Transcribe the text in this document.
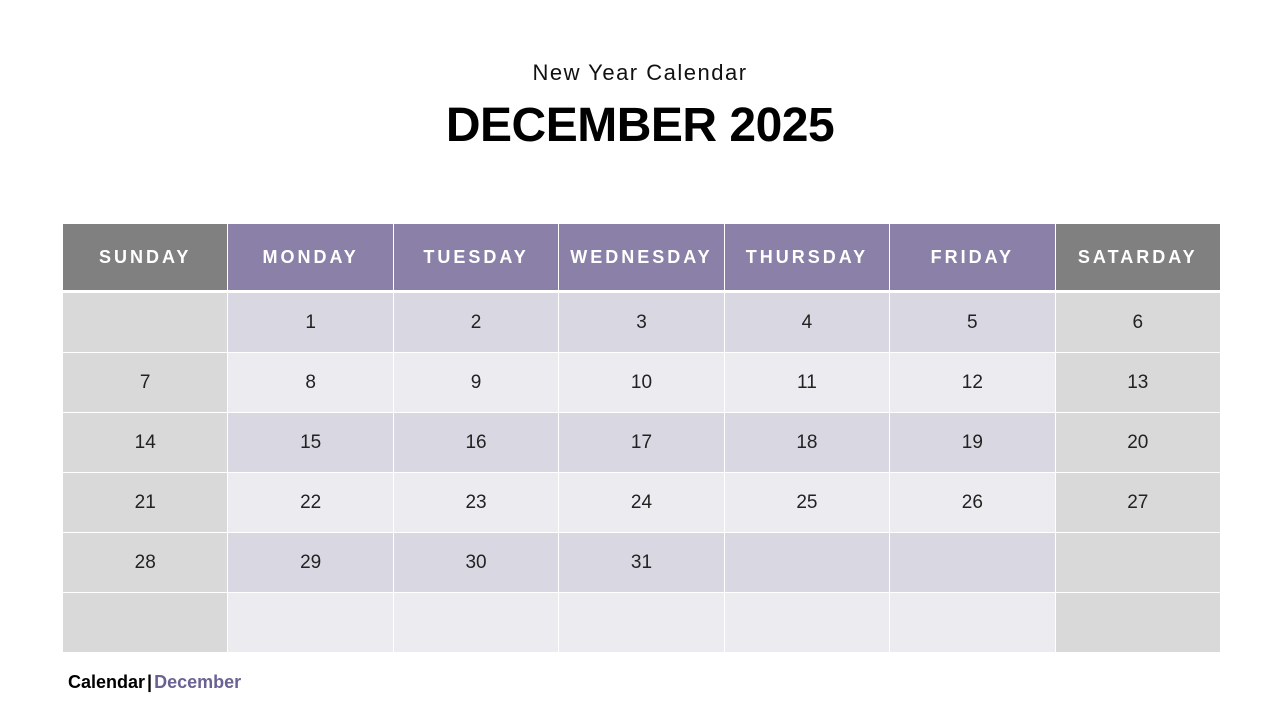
New Year Calendar
DECEMBER 2025
SUNDAY	MONDAY	TUESDAY	WEDNESDAY	THURSDAY	FRIDAY	SATARDAY
	1	2	3	4	5	6
7	8	9	10	11	12	13
14	15	16	17	18	19	20
21	22	23	24	25	26	27
28	29	30	31			

Calendar | December
